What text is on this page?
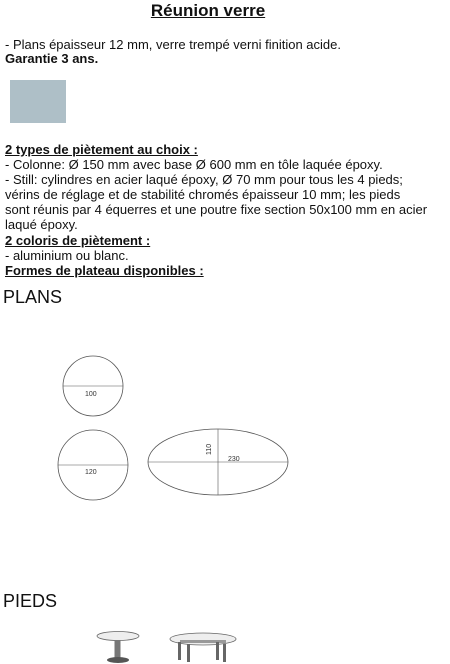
Réunion verre
- Plans épaisseur 12 mm, verre trempé verni finition acide.
Garantie 3 ans.
2 types de piètement au choix :
- Colonne: Ø 150 mm avec base Ø 600 mm en tôle laquée époxy.
- Still: cylindres en acier laqué époxy, Ø 70 mm pour tous les 4 pieds;
vérins de réglage et de stabilité chromés épaisseur 10 mm; les pieds
sont réunis par 4 équerres et une poutre fixe section 50x100 mm en acier
laqué époxy.
2 coloris de piètement :
- aluminium ou blanc.
Formes de plateau disponibles :
PLANS
PIEDS
100
120
230
110
